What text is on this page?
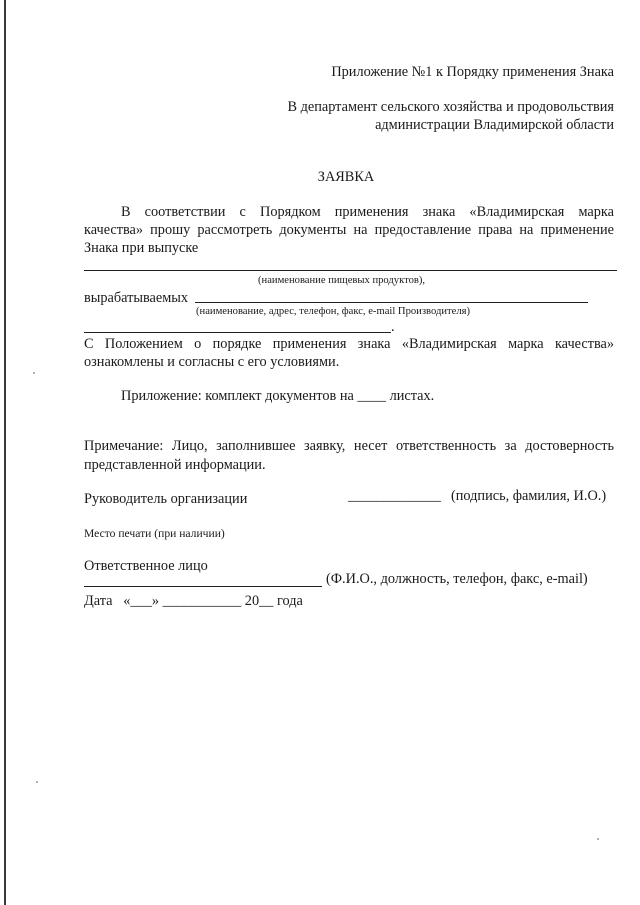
Приложение №1 к Порядку применения Знака
В департамент сельского хозяйства и продовольствия
администрации Владимирской области
ЗАЯВКА
В соответствии с Порядком применения знака «Владимирская марка
качества» прошу рассмотреть документы на предоставление права на применение
Знака при выпуске
(наименование пищевых продуктов),
вырабатываемых
(наименование, адрес, телефон, факс, e-mail Производителя)
.
С Положением о порядке применения знака «Владимирская марка качества»
ознакомлены и согласны с его условиями.
Приложение: комплект документов на ____ листах.
Примечание: Лицо, заполнившее заявку, несет ответственность за достоверность
представленной информации.
Руководитель организации	_____________ (подпись, фамилия, И.О.)
Место печати (при наличии)
Ответственное лицо
(Ф.И.О., должность, телефон, факс, e-mail)
Дата «___» ___________ 20__ года
